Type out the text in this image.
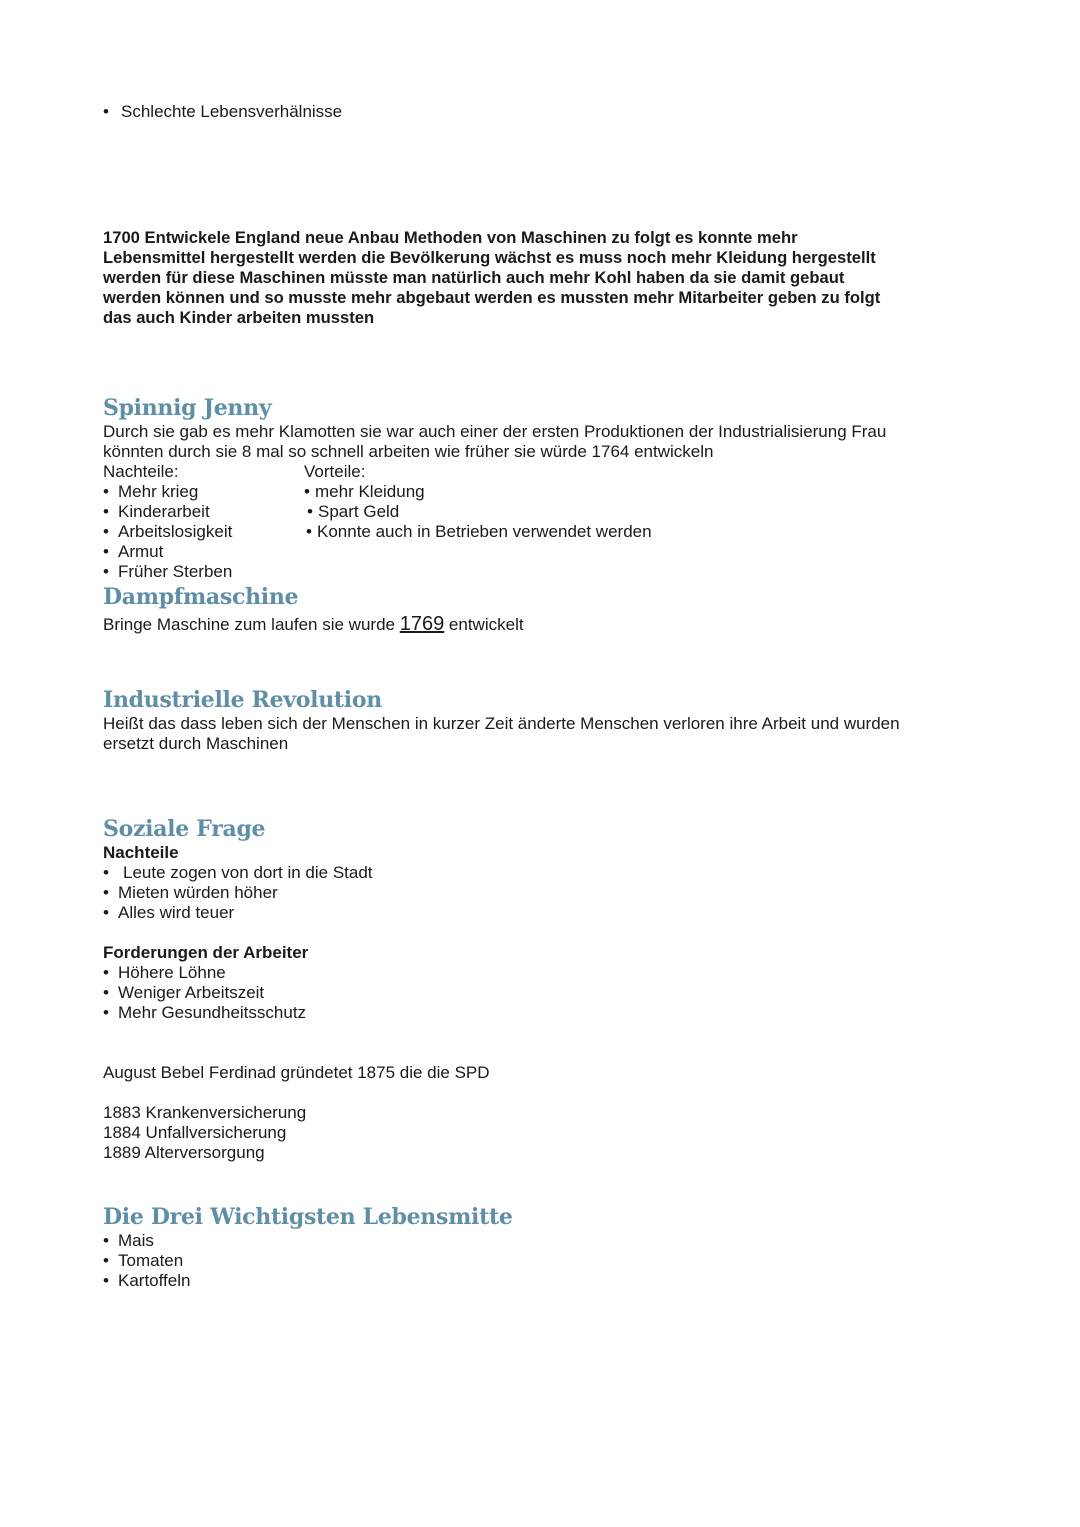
• Schlechte Lebensverhälnisse
1700 Entwickele England neue Anbau Methoden von Maschinen zu folgt es konnte mehr
Lebensmittel hergestellt werden die Bevölkerung wächst es muss noch mehr Kleidung hergestellt
werden für diese Maschinen müsste man natürlich auch mehr Kohl haben da sie damit gebaut
werden können und so musste mehr abgebaut werden es mussten mehr Mitarbeiter geben zu folgt
das auch Kinder arbeiten mussten
Spinnig Jenny
Durch sie gab es mehr Klamotten sie war auch einer der ersten Produktionen der Industrialisierung Frau
könnten durch sie 8 mal so schnell arbeiten wie früher sie würde 1764 entwickeln
Nachteile:	Vorteile:
• Mehr krieg
• Kinderarbeit
• Arbeitslosigkeit
• Armut
• Früher Sterben
• mehr Kleidung
• Spart Geld
• Konnte auch in Betrieben verwendet werden
Dampfmaschine
Bringe Maschine zum laufen sie wurde 1769 entwickelt
Industrielle Revolution
Heißt das dass leben sich der Menschen in kurzer Zeit änderte Menschen verloren ihre Arbeit und wurden
ersetzt durch Maschinen
Soziale Frage
Nachteile
• Leute zogen von dort in die Stadt
• Mieten würden höher
• Alles wird teuer
Forderungen der Arbeiter
• Höhere Löhne
• Weniger Arbeitszeit
• Mehr Gesundheitsschutz
August Bebel Ferdinad gründetet 1875 die die SPD
1883 Krankenversicherung
1884 Unfallversicherung
1889 Alterversorgung
Die Drei Wichtigsten Lebensmitte
• Mais
• Tomaten
• Kartoffeln
